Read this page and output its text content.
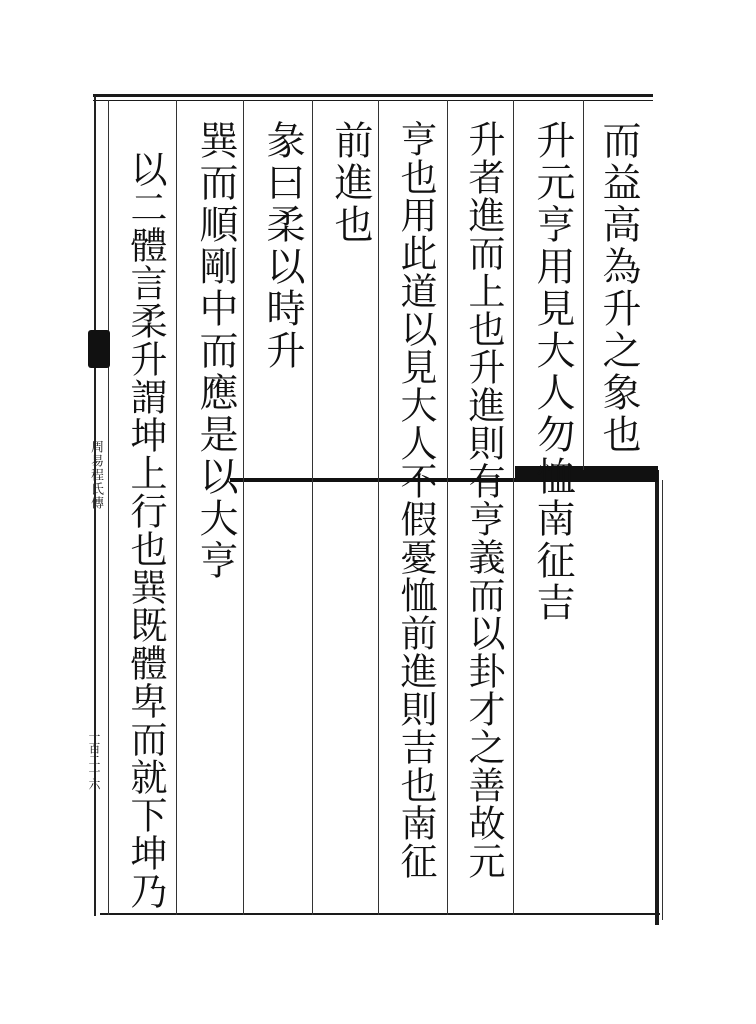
而益高為升之象也
升元亨用見大人勿恤南征吉
升者進而上也升進則有亨義而以卦才之善故元
亨也用此道以見大人不假憂恤前進則吉也南征
前進也
彖曰柔以時升
巽而順剛中而應是以大亨
以二體言柔升謂坤上行也巽既體卑而就下坤乃
周易程氏傳
一百二十六
